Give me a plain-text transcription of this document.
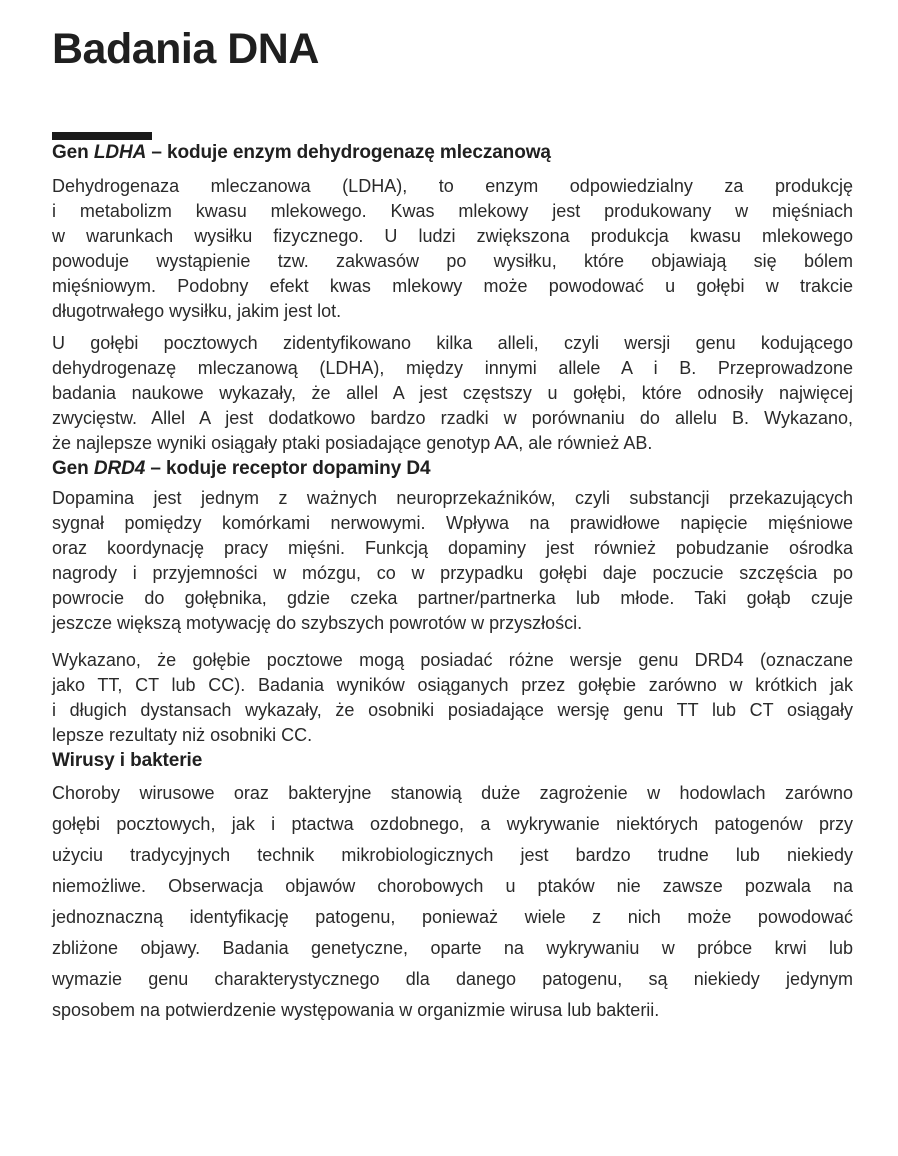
Badania DNA
Gen LDHA – koduje enzym dehydrogenazę mleczanową
Dehydrogenaza mleczanowa (LDHA), to enzym odpowiedzialny za produkcję
i metabolizm kwasu mlekowego. Kwas mlekowy jest produkowany w mięśniach
w warunkach wysiłku fizycznego. U ludzi zwiększona produkcja kwasu mlekowego
powoduje wystąpienie tzw. zakwasów po wysiłku, które objawiają się bólem
mięśniowym. Podobny efekt kwas mlekowy może powodować u gołębi w trakcie
długotrwałego wysiłku, jakim jest lot.
U gołębi pocztowych zidentyfikowano kilka alleli, czyli wersji genu kodującego
dehydrogenazę mleczanową (LDHA), między innymi allele A i B. Przeprowadzone
badania naukowe wykazały, że allel A jest częstszy u gołębi, które odnosiły najwięcej
zwycięstw. Allel A jest dodatkowo bardzo rzadki w porównaniu do allelu B. Wykazano,
że najlepsze wyniki osiągały ptaki posiadające genotyp AA, ale również AB.
Gen DRD4 – koduje receptor dopaminy D4
Dopamina jest jednym z ważnych neuroprzekaźników, czyli substancji przekazujących
sygnał pomiędzy komórkami nerwowymi. Wpływa na prawidłowe napięcie mięśniowe
oraz koordynację pracy mięśni. Funkcją dopaminy jest również pobudzanie ośrodka
nagrody i przyjemności w mózgu, co w przypadku gołębi daje poczucie szczęścia po
powrocie do gołębnika, gdzie czeka partner/partnerka lub młode. Taki gołąb czuje
jeszcze większą motywację do szybszych powrotów w przyszłości.
Wykazano, że gołębie pocztowe mogą posiadać różne wersje genu DRD4 (oznaczane
jako TT, CT lub CC). Badania wyników osiąganych przez gołębie zarówno w krótkich jak
i długich dystansach wykazały, że osobniki posiadające wersję genu TT lub CT osiągały
lepsze rezultaty niż osobniki CC.
Wirusy i bakterie
Choroby wirusowe oraz bakteryjne stanowią duże zagrożenie w hodowlach zarówno
gołębi pocztowych, jak i ptactwa ozdobnego, a wykrywanie niektórych patogenów przy
użyciu tradycyjnych technik mikrobiologicznych jest bardzo trudne lub niekiedy
niemożliwe. Obserwacja objawów chorobowych u ptaków nie zawsze pozwala na
jednoznaczną identyfikację patogenu, ponieważ wiele z nich może powodować
zbliżone objawy. Badania genetyczne, oparte na wykrywaniu w próbce krwi lub
wymazie genu charakterystycznego dla danego patogenu, są niekiedy jedynym
sposobem na potwierdzenie występowania w organizmie wirusa lub bakterii.
